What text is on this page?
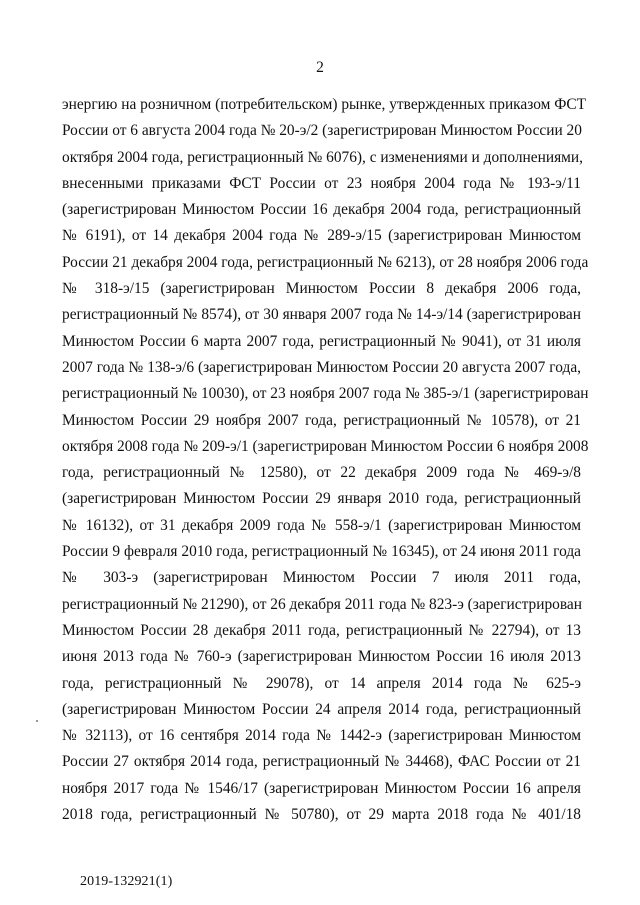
2
энергию на розничном (потребительском) рынке, утвержденных приказом ФСТ
России от 6 августа 2004 года № 20-э/2 (зарегистрирован Минюстом России 20
октября 2004 года, регистрационный № 6076), с изменениями и дополнениями,
внесенными приказами ФСТ России от 23 ноября 2004 года № 193-э/11
(зарегистрирован Минюстом России 16 декабря 2004 года, регистрационный
№ 6191), от 14 декабря 2004 года № 289-э/15 (зарегистрирован Минюстом
России 21 декабря 2004 года, регистрационный № 6213), от 28 ноября 2006 года
№ 318-э/15 (зарегистрирован Минюстом России 8 декабря 2006 года,
регистрационный № 8574), от 30 января 2007 года № 14-э/14 (зарегистрирован
Минюстом России 6 марта 2007 года, регистрационный № 9041), от 31 июля
2007 года № 138-э/6 (зарегистрирован Минюстом России 20 августа 2007 года,
регистрационный № 10030), от 23 ноября 2007 года № 385-э/1 (зарегистрирован
Минюстом России 29 ноября 2007 года, регистрационный № 10578), от 21
октября 2008 года № 209-э/1 (зарегистрирован Минюстом России 6 ноября 2008
года, регистрационный № 12580), от 22 декабря 2009 года № 469-э/8
(зарегистрирован Минюстом России 29 января 2010 года, регистрационный
№ 16132), от 31 декабря 2009 года № 558-э/1 (зарегистрирован Минюстом
России 9 февраля 2010 года, регистрационный № 16345), от 24 июня 2011 года
№ 303-э (зарегистрирован Минюстом России 7 июля 2011 года,
регистрационный № 21290), от 26 декабря 2011 года № 823-э (зарегистрирован
Минюстом России 28 декабря 2011 года, регистрационный № 22794), от 13
июня 2013 года № 760-э (зарегистрирован Минюстом России 16 июля 2013
года, регистрационный № 29078), от 14 апреля 2014 года № 625-э
(зарегистрирован Минюстом России 24 апреля 2014 года, регистрационный
№ 32113), от 16 сентября 2014 года № 1442-э (зарегистрирован Минюстом
России 27 октября 2014 года, регистрационный № 34468), ФАС России от 21
ноября 2017 года № 1546/17 (зарегистрирован Минюстом России 16 апреля
2018 года, регистрационный № 50780), от 29 марта 2018 года № 401/18
2019-132921(1)
